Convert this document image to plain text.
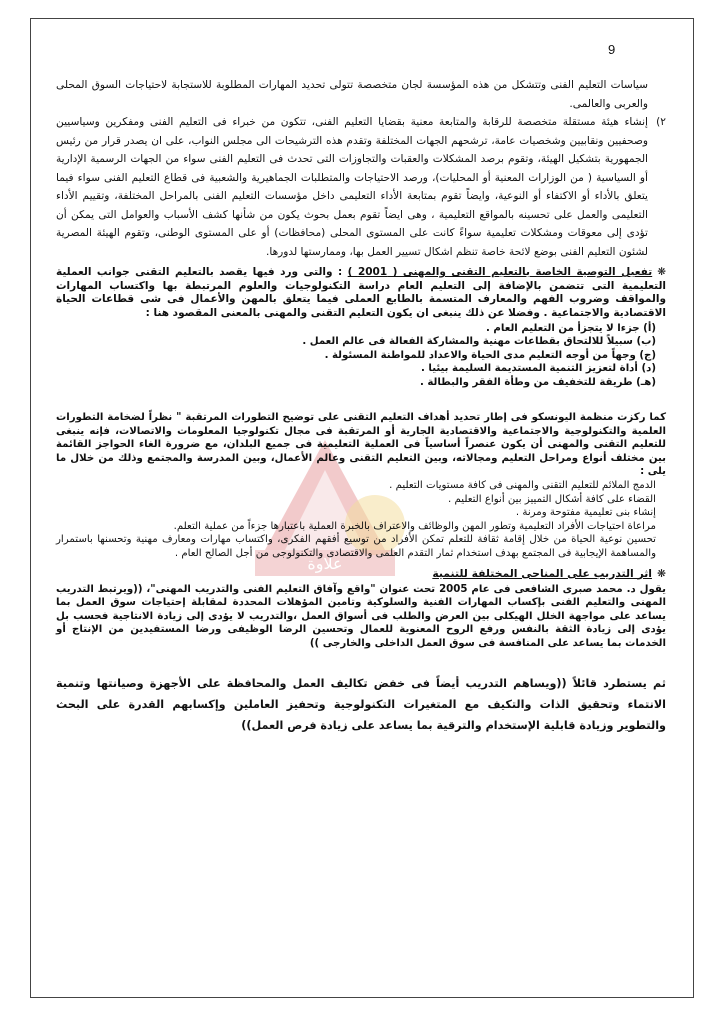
9
علاوة
سياسات التعليم الفنى وتتشكل من هذه المؤسسة لجان متخصصة تتولى تحديد المهارات المطلوبة للاستجابة لاحتياجات السوق المحلى والعربى والعالمى.
٢)
إنشاء هيئة مستقلة متخصصة للرقابة والمتابعة معنية بقضايا التعليم الفنى، تتكون من خبراء فى التعليم الفنى ومفكرين وسياسيين وصحفيين ونقابيين وشخصيات عامة، ترشحهم الجهات المختلفة وتقدم هذه الترشيحات الى مجلس النواب، على ان يصدر قرار من رئيس الجمهورية بتشكيل الهيئة، وتقوم برصد المشكلات والعقبات والتجاوزات التى تحدث فى التعليم الفنى سواء من الجهات الرسمية الإدارية أو السياسية ( من الوزارات المعنية أو المحليات)، ورصد الاحتياجات والمتطلبات الجماهيرية والشعبية فى قطاع التعليم الفنى سواء فيما يتعلق بالأداء أو الاكتفاء أو النوعية، وايضاً تقوم بمتابعة الأداء التعليمى داخل مؤسسات التعليم الفنى بالمراحل المختلفة، وتقييم الأداء التعليمى والعمل على تحسينه بالمواقع التعليمية ، وهى ايضاً تقوم بعمل بحوث يكون من شأنها كشف الأسباب والعوامل التى يمكن أن تؤدى إلى معوقات ومشكلات تعليمية سواءً كانت على المستوى المحلى (محافظات) أو على المستوى الوطنى، وتقوم الهيئة المصرية لشئون التعليم الفنى بوضع لائحة خاصة تنظم اشكال تسيير العمل بها، وممارستها لدورها.
❋تفعيل التوصية الخاصة بالتعليم التقنى والمهنى ( 2001 ) : والتى ورد فيها يقصد بالتعليم التقنى جوانب العملية التعليمية التى تتضمن بالإضافة إلى التعليم العام دراسة التكنولوجيات والعلوم المرتبطة بها واكتساب المهارات والمواقف وضروب الفهم والمعارف المتسمة بالطابع العملى فيما يتعلق بالمهن والأعمال فى شى قطاعات الحياة الاقتصادية والاجتماعية . وفضلا عن ذلك ينبغى ان يكون التعليم التقنى والمهنى بالمعنى المقصود هنا :
(أ) جزءا لا يتجزأ من التعليم العام .
(ب) سبيلاً للالتحاق بقطاعات مهنية والمشاركة الفعالة فى عالم العمل .
(ج) وجهاً من أوجه التعليم مدى الحياة والاعداد للمواطنة المسئولة .
(د) أداة لتعزيز التنمية المستديمة السليمة بيئيا .
(هـ) طريقة للتخفيف من وطأة الفقر والبطالة .

كما ركزت منظمة اليونسكو فى إطار تحديد أهداف التعليم التقنى على توضيح التطورات المرتقبة " نظراً لضخامة التطورات العلمية والتكنولوجية والاجتماعية والاقتصادية الجارية أو المرتقبة فى مجال تكنولوجيا المعلومات والاتصالات، فإنه ينبغى للتعليم التقنى والمهنى أن يكون عنصراً أساسياً فى العملية التعليمية فى جميع البلدان، مع ضرورة الغاء الحواجز القائمة بين مختلف أنواع ومراحل التعليم ومجالاته، وبين التعليم التقنى وعالم الأعمال، وبين المدرسة والمجتمع وذلك من خلال ما يلى :

الدمج الملائم للتعليم التقنى والمهنى فى كافة مستويات التعليم .

القضاء على كافة أشكال التمييز بين أنواع التعليم .

إنشاء بنى تعليمية مفتوحة ومرنة .

مراعاة احتياجات الأفراد التعليمية وتطور المهن والوظائف والاعتراف بالخبرة العملية باعتبارها جزءاً من عملية التعلم.

تحسين نوعية الحياة من خلال إقامة ثقافة للتعلم تمكن الأفراد من توسيع أفقهم الفكرى، واكتساب مهارات ومعارف مهنية وتحسنها باستمرار والمساهمة الإيجابية فى المجتمع بهدف استخدام ثمار التقدم العلمى والاقتصادى والتكنولوجى من أجل الصالح العام .

❋اثر التدريب على المناحى المختلفة للتنمية

يقول د. محمد صبرى الشافعى فى عام 2005 تحت عنوان "واقع وآفاق التعليم الفنى والتدريب المهنى"، ((ويرتبط التدريب المهنى والتعليم الفنى بإكساب المهارات الفنية والسلوكية وتامين المؤهلات المحددة لمقابلة إحتياجات سوق العمل بما يساعد على مواجهة الخلل الهيكلى بين العرض والطلب فى أسواق العمل ،والتدريب لا يؤدى إلى زيادة الانتاجية فحسب بل يؤدى إلى زيادة الثقة بالنفس ورفع الروح المعنوية للعمال وتحسين الرضا الوظيفى ورضا المستفيدين من الإنتاج أو الخدمات بما يساعد على المنافسة فى سوق العمل الداخلى والخارجى ))

ثم يستطرد قائلاً ((ويساهم التدريب أيضاً فى خفض تكاليف العمل والمحافظة على الأجهزة وصيانتها وتنمية الانتماء وتحقيق الذات والتكيف مع المتغيرات التكنولوجية وتحفيز العاملين وإكسابهم القدرة على البحث والتطوير وزيادة قابلية الإستخدام والترقية بما يساعد على زيادة فرص العمل))
